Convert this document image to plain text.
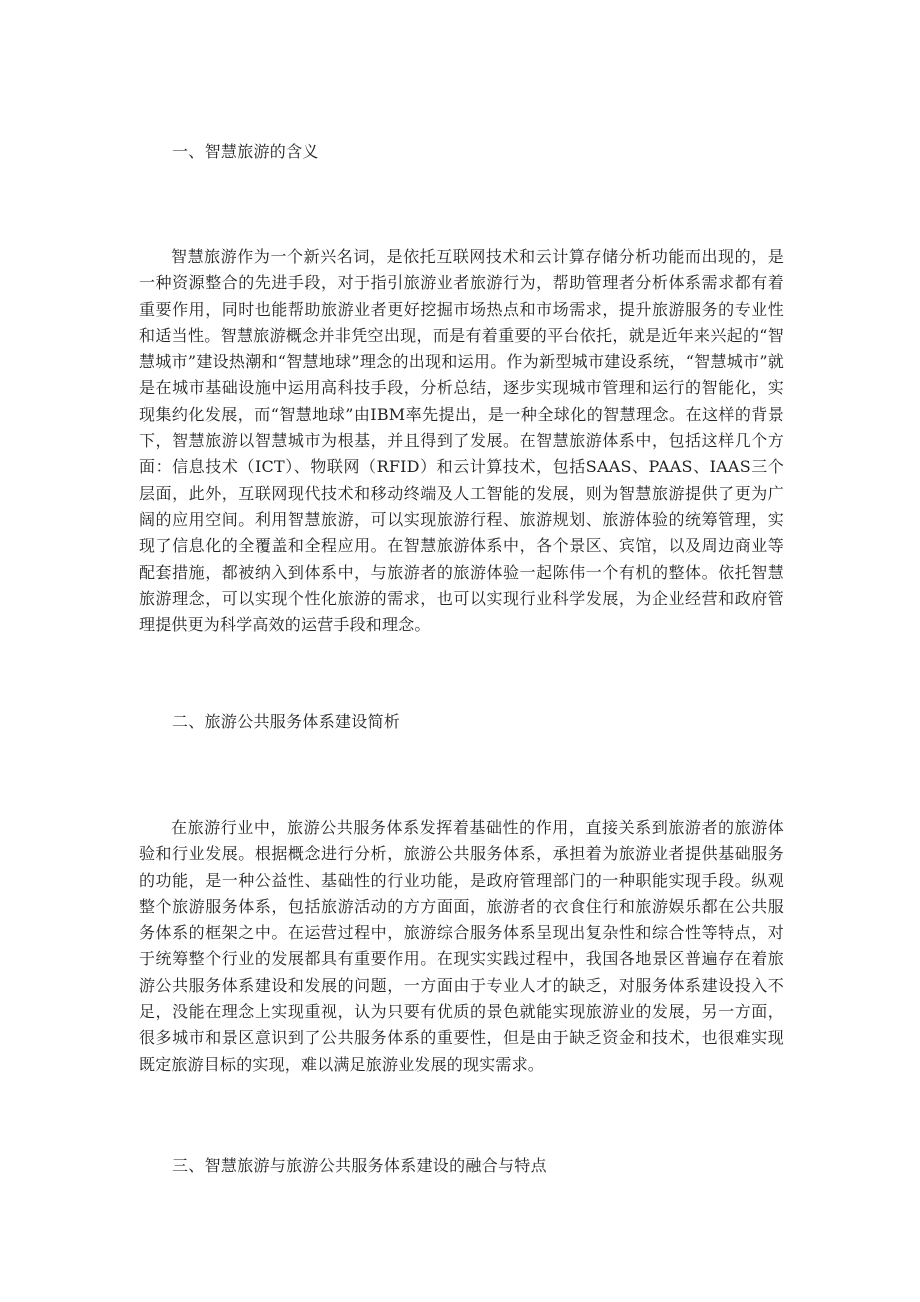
一、智慧旅游的含义

智慧旅游作为一个新兴名词，是依托互联网技术和云计算存储分析功能而出现的，是一种资源整合的先进手段，对于指引旅游业者旅游行为，帮助管理者分析体系需求都有着重要作用，同时也能帮助旅游业者更好挖掘市场热点和市场需求，提升旅游服务的专业性和适当性。智慧旅游概念并非凭空出现，而是有着重要的平台依托，就是近年来兴起的“智慧城市”建设热潮和“智慧地球”理念的出现和运用。作为新型城市建设系统，“智慧城市”就是在城市基础设施中运用高科技手段，分析总结，逐步实现城市管理和运行的智能化，实现集约化发展，而“智慧地球”由IBM率先提出，是一种全球化的智慧理念。在这样的背景下，智慧旅游以智慧城市为根基，并且得到了发展。在智慧旅游体系中，包括这样几个方面：信息技术（ICT）、物联网（RFID）和云计算技术，包括SAAS、PAAS、IAAS三个层面，此外，互联网现代技术和移动终端及人工智能的发展，则为智慧旅游提供了更为广阔的应用空间。利用智慧旅游，可以实现旅游行程、旅游规划、旅游体验的统筹管理，实现了信息化的全覆盖和全程应用。在智慧旅游体系中，各个景区、宾馆，以及周边商业等配套措施，都被纳入到体系中，与旅游者的旅游体验一起陈伟一个有机的整体。依托智慧旅游理念，可以实现个性化旅游的需求，也可以实现行业科学发展，为企业经营和政府管理提供更为科学高效的运营手段和理念。

二、旅游公共服务体系建设简析

在旅游行业中，旅游公共服务体系发挥着基础性的作用，直接关系到旅游者的旅游体验和行业发展。根据概念进行分析，旅游公共服务体系，承担着为旅游业者提供基础服务的功能，是一种公益性、基础性的行业功能，是政府管理部门的一种职能实现手段。纵观整个旅游服务体系，包括旅游活动的方方面面，旅游者的衣食住行和旅游娱乐都在公共服务体系的框架之中。在运营过程中，旅游综合服务体系呈现出复杂性和综合性等特点，对于统筹整个行业的发展都具有重要作用。在现实实践过程中，我国各地景区普遍存在着旅游公共服务体系建设和发展的问题，一方面由于专业人才的缺乏，对服务体系建设投入不足，没能在理念上实现重视，认为只要有优质的景色就能实现旅游业的发展，另一方面，很多城市和景区意识到了公共服务体系的重要性，但是由于缺乏资金和技术，也很难实现既定旅游目标的实现，难以满足旅游业发展的现实需求。

三、智慧旅游与旅游公共服务体系建设的融合与特点
